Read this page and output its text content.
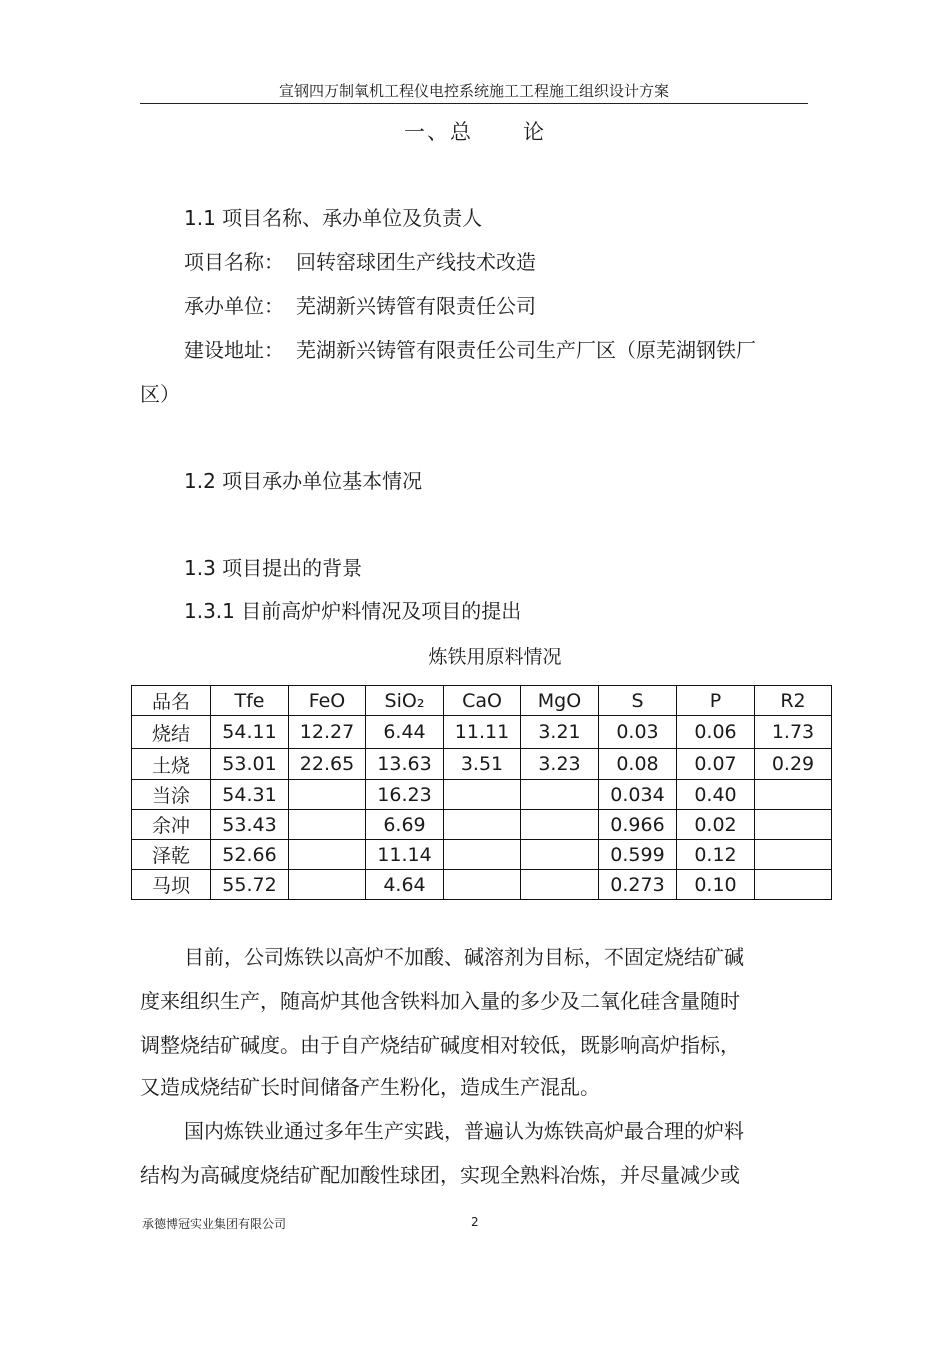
宣钢四万制氧机工程仪电控系统施工工程施工组织设计方案
一、总 论
1.1 项目名称、承办单位及负责人
项目名称： 回转窑球团生产线技术改造
承办单位： 芜湖新兴铸管有限责任公司
建设地址： 芜湖新兴铸管有限责任公司生产厂区（原芜湖钢铁厂
区）
1.2 项目承办单位基本情况
1.3 项目提出的背景
1.3.1 目前高炉炉料情况及项目的提出
炼铁用原料情况
品名	Tfe	FeO	SiO₂	CaO	MgO	S	P	R2
烧结	54.11	12.27	6.44	11.11	3.21	0.03	0.06	1.73
土烧	53.01	22.65	13.63	3.51	3.23	0.08	0.07	0.29
当涂	54.31		16.23			0.034	0.40	
余冲	53.43		6.69			0.966	0.02	
泽乾	52.66		11.14			0.599	0.12	
马坝	55.72		4.64			0.273	0.10	
目前，公司炼铁以高炉不加酸、碱溶剂为目标，不固定烧结矿碱
度来组织生产，随高炉其他含铁料加入量的多少及二氧化硅含量随时
调整烧结矿碱度。由于自产烧结矿碱度相对较低，既影响高炉指标，
又造成烧结矿长时间储备产生粉化，造成生产混乱。
国内炼铁业通过多年生产实践，普遍认为炼铁高炉最合理的炉料
结构为高碱度烧结矿配加酸性球团，实现全熟料冶炼，并尽量减少或
承德博冠实业集团有限公司	2
